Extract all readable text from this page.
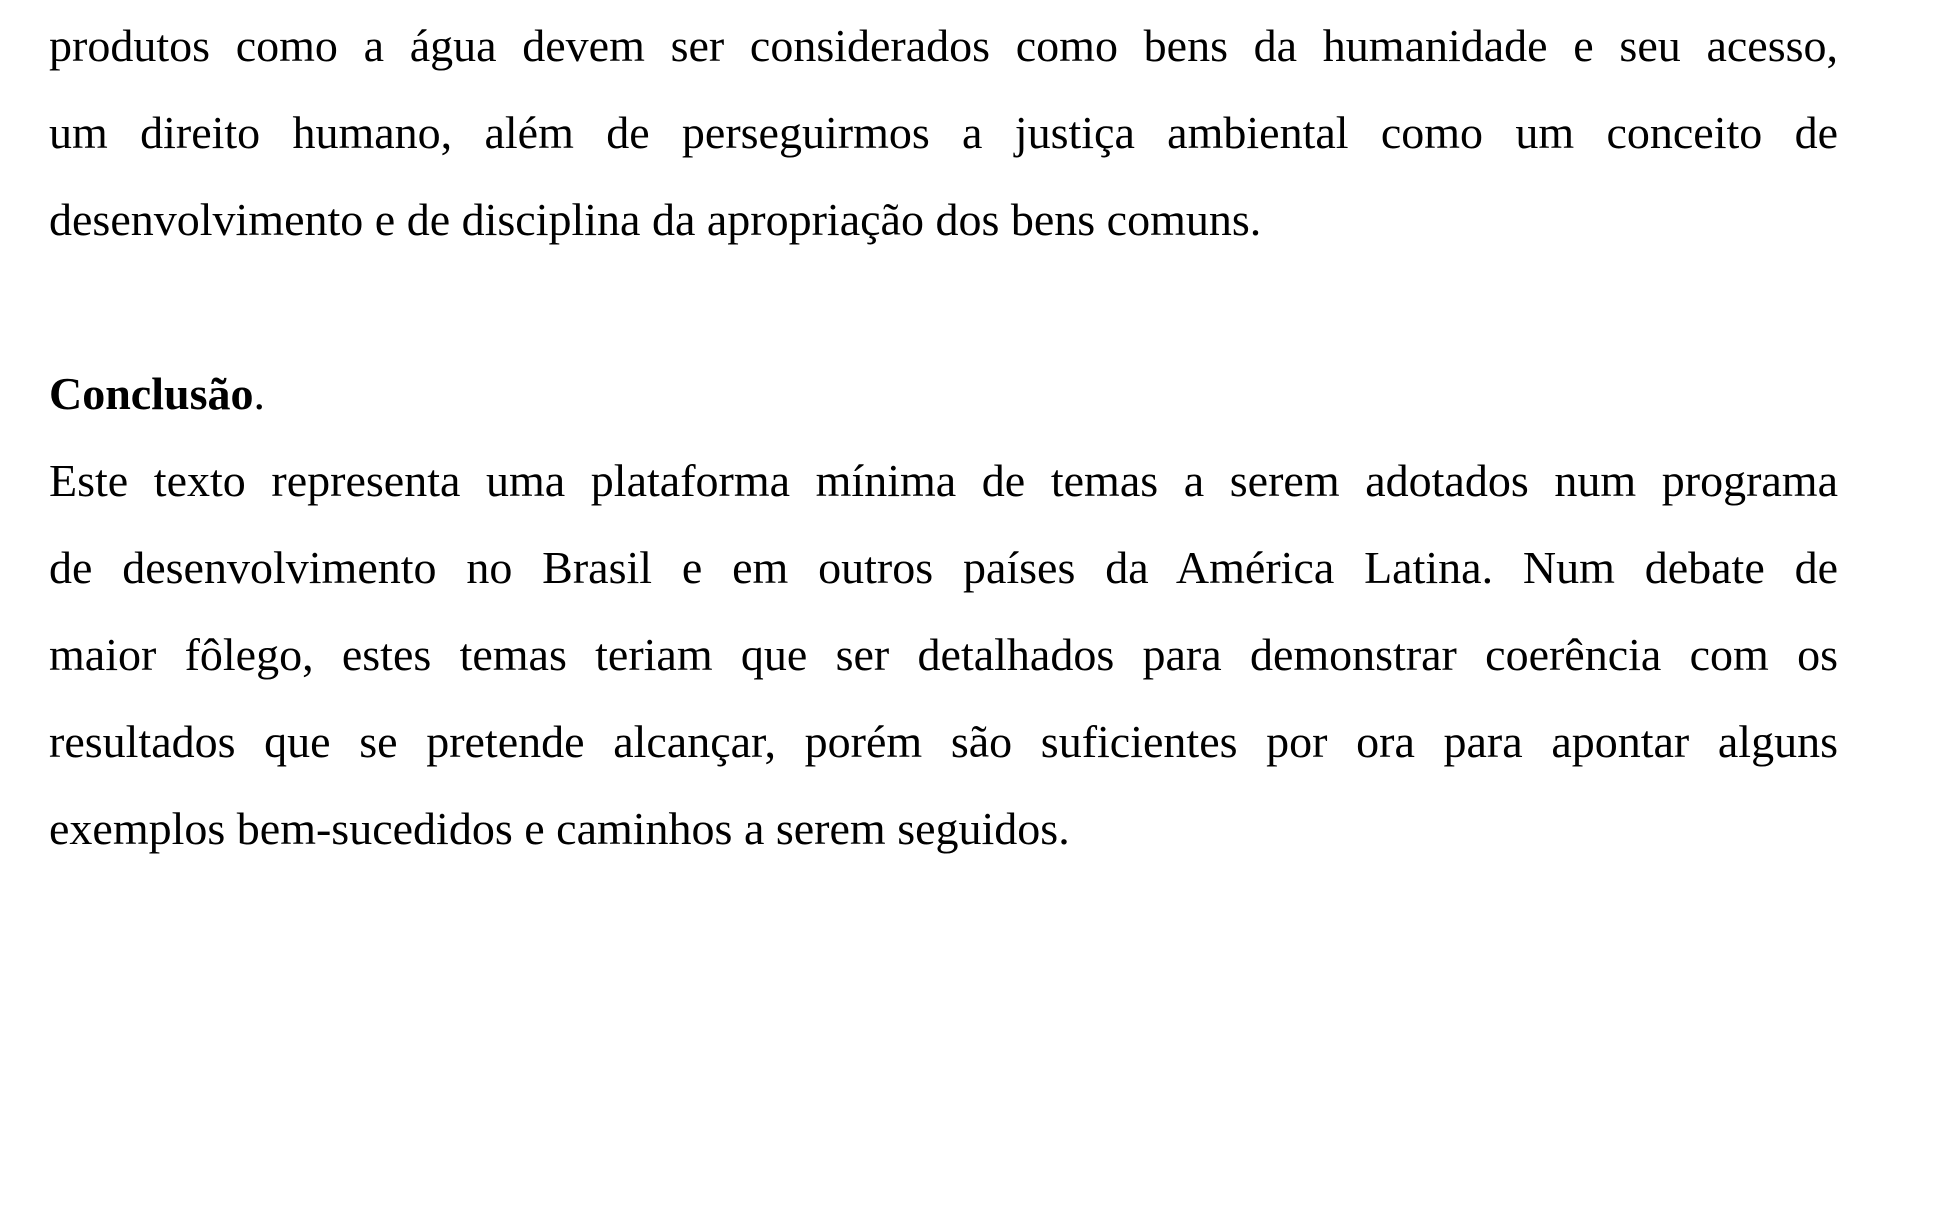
produtos como a água devem ser considerados como bens da humanidade e seu acesso,
um direito humano, além de perseguirmos a justiça ambiental como um conceito de
desenvolvimento e de disciplina da apropriação dos bens comuns.
Conclusão.
Este texto representa uma plataforma mínima de temas a serem adotados num programa
de desenvolvimento no Brasil e em outros países da América Latina. Num debate de
maior fôlego, estes temas teriam que ser detalhados para demonstrar coerência com os
resultados que se pretende alcançar, porém são suficientes por ora para apontar alguns
exemplos bem-sucedidos e caminhos a serem seguidos.
